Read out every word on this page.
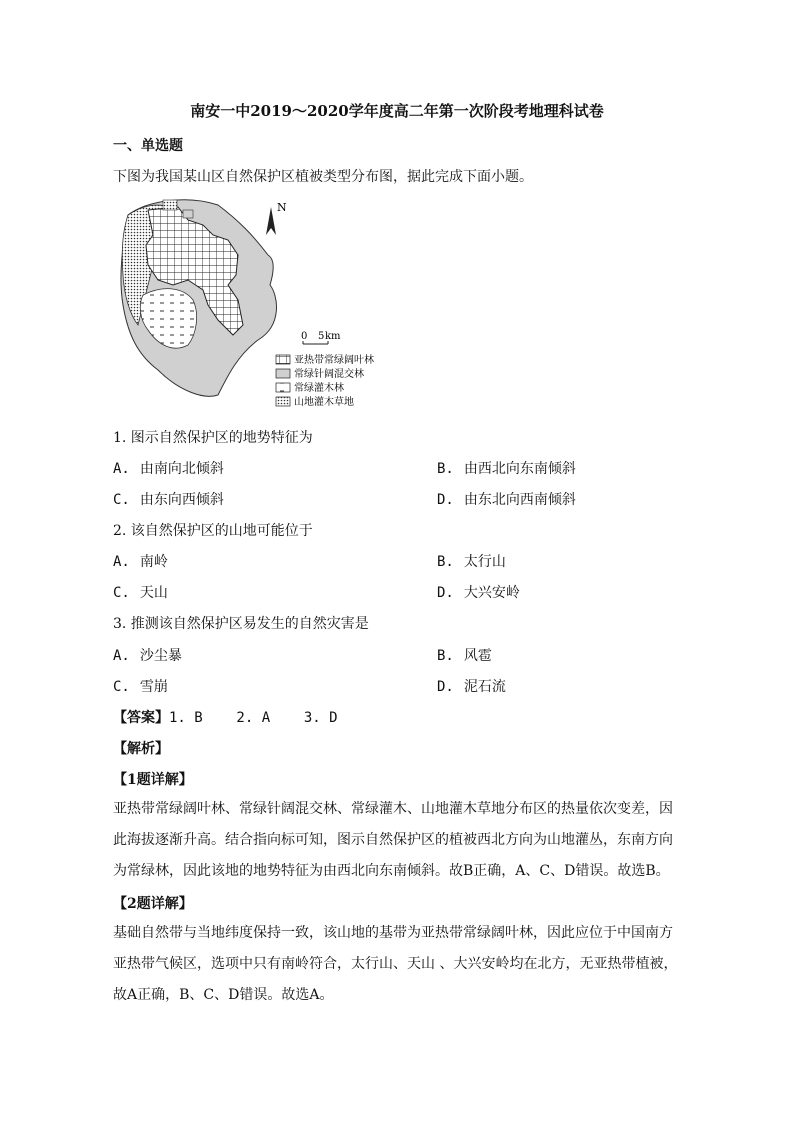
南安一中2019～2020学年度高二年第一次阶段考地理科试卷
一、单选题
下图为我国某山区自然保护区植被类型分布图，据此完成下面小题。
N
0 5 km
亚热带常绿阔叶林
常绿针阔混交林
常绿灌木林
山地灌木草地
1. 图示自然保护区的地势特征为
A. 由南向北倾斜	B. 由西北向东南倾斜
C. 由东向西倾斜	D. 由东北向西南倾斜
2. 该自然保护区的山地可能位于
A. 南岭	B. 太行山
C. 天山	D. 大兴安岭
3. 推测该自然保护区易发生的自然灾害是
A. 沙尘暴	B. 风雹
C. 雪崩	D. 泥石流
【答案】1. B    2. A    3. D
【解析】
【1题详解】
亚热带常绿阔叶林、常绿针阔混交林、常绿灌木、山地灌木草地分布区的热量依次变差，因此海拔逐渐升高。结合指向标可知，图示自然保护区的植被西北方向为山地灌丛，东南方向为常绿林，因此该地的地势特征为由西北向东南倾斜。故B正确，A、C、D错误。故选B。
【2题详解】
基础自然带与当地纬度保持一致，该山地的基带为亚热带常绿阔叶林，因此应位于中国南方亚热带气候区，选项中只有南岭符合，太行山、天山 、大兴安岭均在北方，无亚热带植被，故A正确，B、C、D错误。故选A。
